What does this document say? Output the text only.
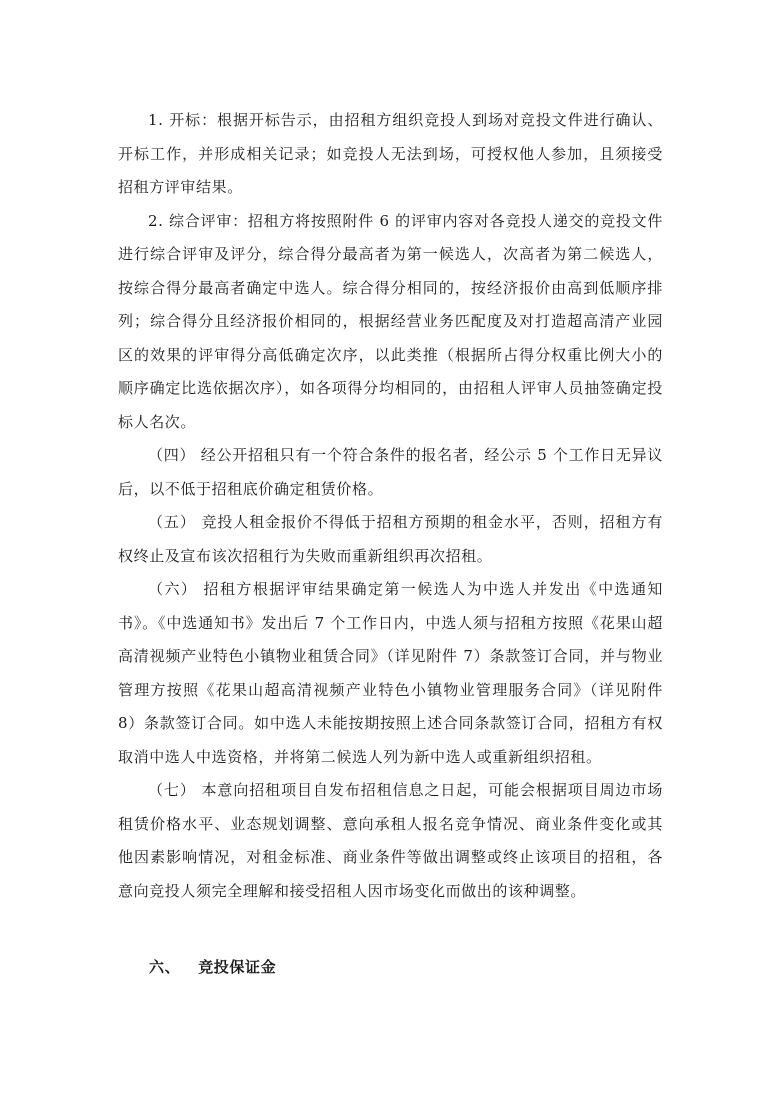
1. 开标：根据开标告示，由招租方组织竞投人到场对竞投文件进行确认、开标工作，并形成相关记录；如竞投人无法到场，可授权他人参加，且须接受招租方评审结果。

2. 综合评审：招租方将按照附件 6 的评审内容对各竞投人递交的竞投文件进行综合评审及评分，综合得分最高者为第一候选人，次高者为第二候选人，按综合得分最高者确定中选人。综合得分相同的，按经济报价由高到低顺序排列；综合得分且经济报价相同的，根据经营业务匹配度及对打造超高清产业园区的效果的评审得分高低确定次序，以此类推（根据所占得分权重比例大小的顺序确定比选依据次序），如各项得分均相同的，由招租人评审人员抽签确定投标人名次。

（四） 经公开招租只有一个符合条件的报名者，经公示 5 个工作日无异议后，以不低于招租底价确定租赁价格。

（五） 竞投人租金报价不得低于招租方预期的租金水平，否则，招租方有权终止及宣布该次招租行为失败而重新组织再次招租。

（六） 招租方根据评审结果确定第一候选人为中选人并发出《中选通知书》。《中选通知书》发出后 7 个工作日内，中选人须与招租方按照《花果山超高清视频产业特色小镇物业租赁合同》（详见附件 7）条款签订合同，并与物业管理方按照《花果山超高清视频产业特色小镇物业管理服务合同》（详见附件 8）条款签订合同。如中选人未能按期按照上述合同条款签订合同，招租方有权取消中选人中选资格，并将第二候选人列为新中选人或重新组织招租。

（七） 本意向招租项目自发布招租信息之日起，可能会根据项目周边市场租赁价格水平、业态规划调整、意向承租人报名竞争情况、商业条件变化或其他因素影响情况，对租金标准、商业条件等做出调整或终止该项目的招租，各意向竞投人须完全理解和接受招租人因市场变化而做出的该种调整。

六、 竞投保证金
